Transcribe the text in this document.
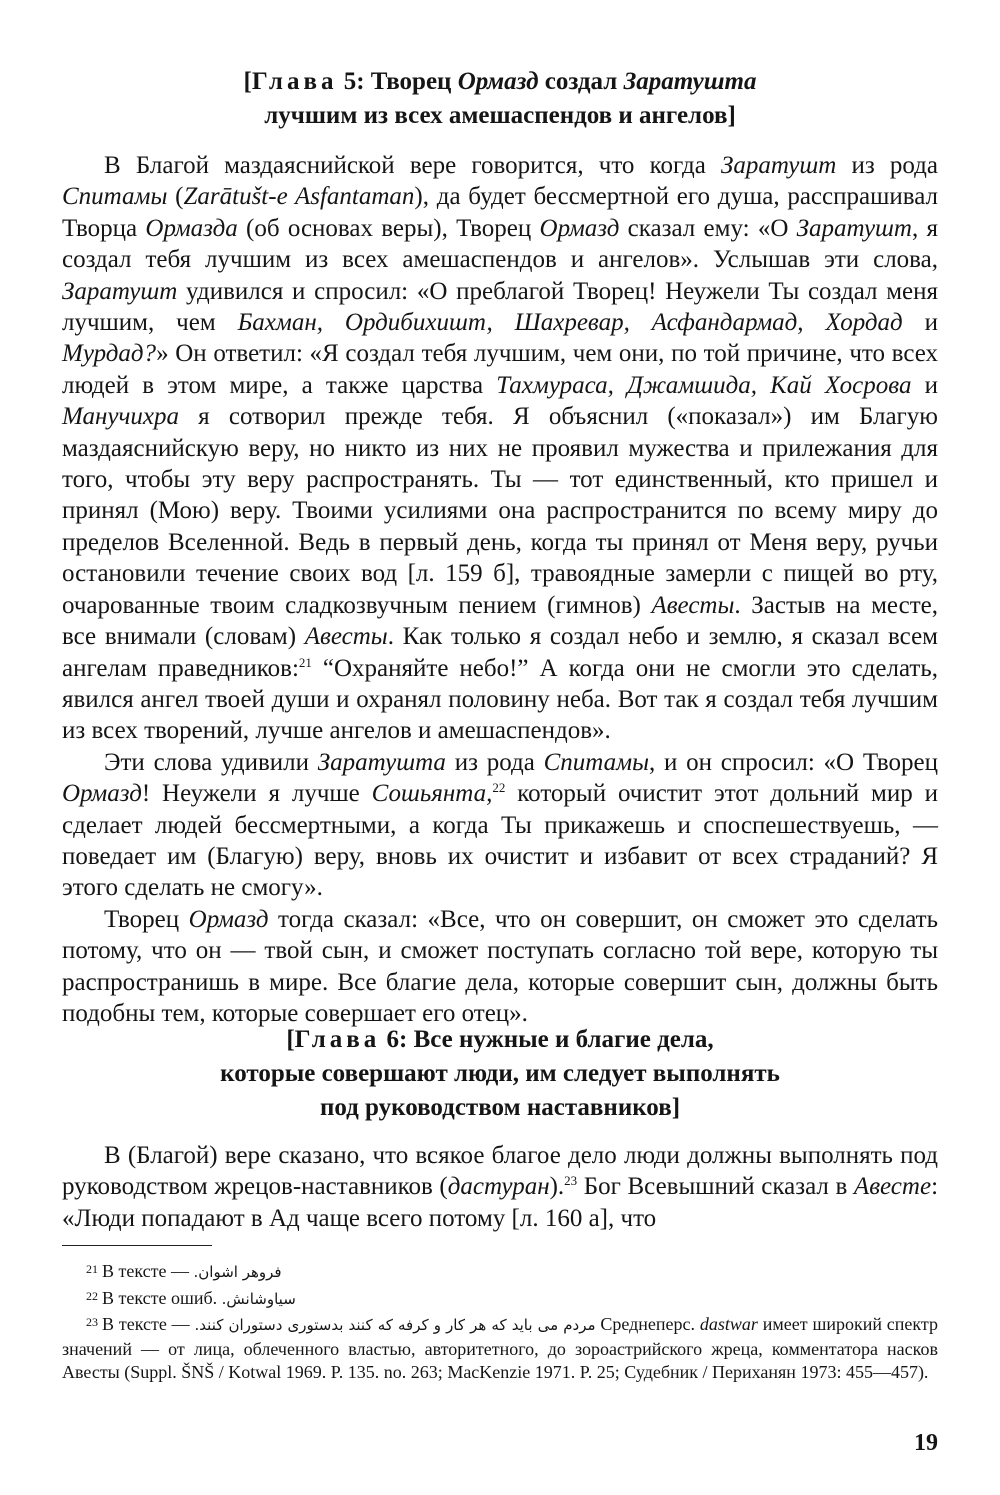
[Глава 5: Творец Ормазд создал Заратушта
лучшим из всех амешаспендов и ангелов]

В Благой маздаяснийской вере говорится, что когда Заратушт из рода Спитамы (Zarātušt-e Asfantaman), да будет бессмертной его душа, расспрашивал Творца Ормазда (об основах веры), Творец Ормазд сказал ему: «О Заратушт, я создал тебя лучшим из всех амешаспендов и ангелов». Услышав эти слова, Заратушт удивился и спросил: «О преблагой Творец! Неужели Ты создал меня лучшим, чем Бахман, Ордибихишт, Шахревар, Асфандармад, Хордад и Мурдад?» Он ответил: «Я создал тебя лучшим, чем они, по той причине, что всех людей в этом мире, а также царства Тахмураса, Джамшида, Кай Хосрова и Манучихра я сотворил прежде тебя. Я объяснил («показал») им Благую маздаяснийскую веру, но никто из них не проявил мужества и прилежания для того, чтобы эту веру распространять. Ты — тот единственный, кто пришел и принял (Мою) веру. Твоими усилиями она распространится по всему миру до пределов Вселенной. Ведь в первый день, когда ты принял от Меня веру, ручьи остановили течение своих вод [л. 159 б], травоядные замерли с пищей во рту, очарованные твоим сладкозвучным пением (гимнов) Авесты. Застыв на месте, все внимали (словам) Авесты. Как только я создал небо и землю, я сказал всем ангелам праведников:$^{21}$ “Охраняйте небо!” А когда они не смогли это сделать, явился ангел твоей души и охранял половину неба. Вот так я создал тебя лучшим из всех творений, лучше ангелов и амешаспендов».

Эти слова удивили Заратушта из рода Спитамы, и он спросил: «О Творец Ормазд! Неужели я лучше Сошьянта,$^{22}$ который очистит этот дольний мир и сделает людей бессмертными, а когда Ты прикажешь и споспешествуешь, — поведает им (Благую) веру, вновь их очистит и избавит от всех страданий? Я этого сделать не смогу».

Творец Ормазд тогда сказал: «Все, что он совершит, он сможет это сделать потому, что он — твой сын, и сможет поступать согласно той вере, которую ты распространишь в мире. Все благие дела, которые совершит сын, должны быть подобны тем, которые совершает его отец».

[Глава 6: Все нужные и благие дела,
которые совершают люди, им следует выполнять
под руководством наставников]

В (Благой) вере сказано, что всякое благое дело люди должны выполнять под руководством жрецов-наставников (дастуран).$^{23}$ Бог Всевышний сказал в Авесте: «Люди попадают в Ад чаще всего потому [л. 160 а], что

$^{21}$ В тексте — فروهر اشوان.

$^{22}$ В тексте ошиб. سیاوشانش.

$^{23}$ В тексте — مردم می باید که هر کار و کرفه که کنند بدستوری دستوران کنند. Среднеперс. dastwar имеет широкий спектр значений — от лица, облеченного властью, авторитетного, до зороастрийского жреца, комментатора насков Авесты (Suppl. ŠNŠ / Kotwal 1969. P. 135. no. 263; MacKenzie 1971. P. 25; Судебник / Периханян 1973: 455—457).

19
